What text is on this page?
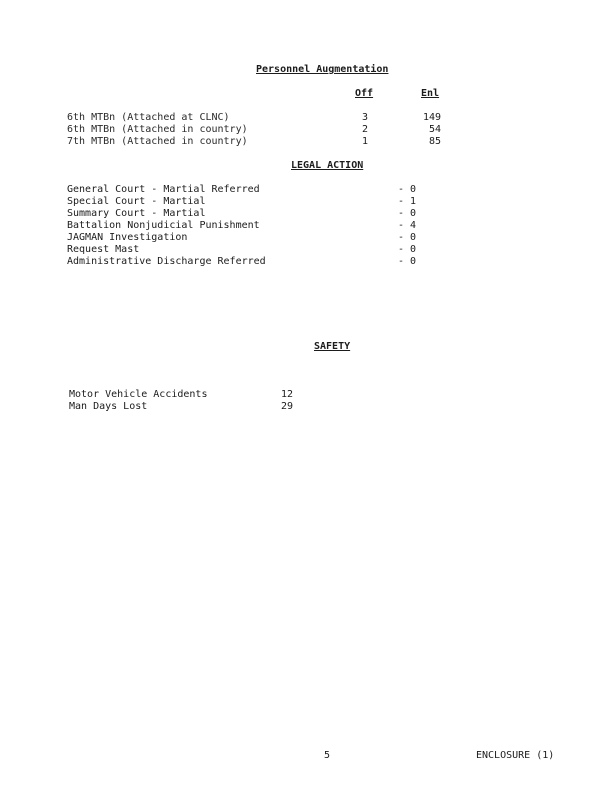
Personnel Augmentation
Off	Enl
6th MTBn (Attached at CLNC)	3	149
6th MTBn (Attached in country)	2	54
7th MTBn (Attached in country)	1	85
LEGAL ACTION
General Court - Martial Referred	- 0
Special Court - Martial	- 1
Summary Court - Martial	- 0
Battalion Nonjudicial Punishment	- 4
JAGMAN Investigation	- 0
Request Mast	- 0
Administrative Discharge Referred	- 0
SAFETY
Motor Vehicle Accidents	12
Man Days Lost	29
5	ENCLOSURE (1)
